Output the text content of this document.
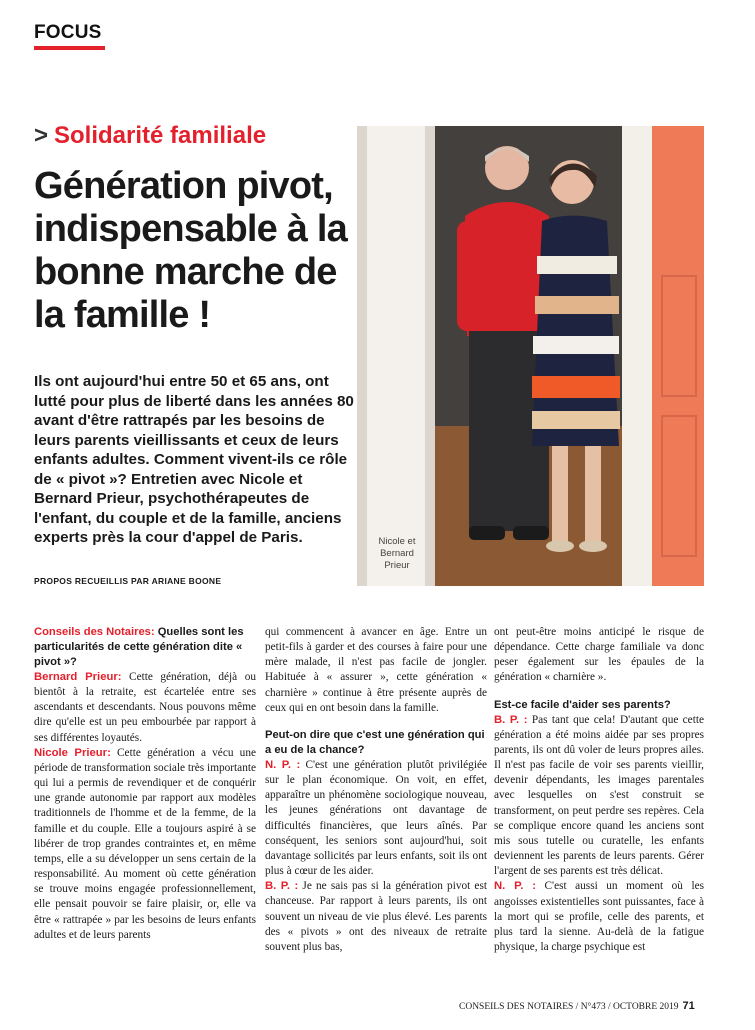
FOCUS
> Solidarité familiale
Génération pivot, indispensable à la bonne marche de la famille !

Ils ont aujourd'hui entre 50 et 65 ans, ont lutté pour plus de liberté dans les années 80 avant d'être rattrapés par les besoins de leurs parents vieillissants et ceux de leurs enfants adultes. Comment vivent-ils ce rôle de « pivot »? Entretien avec Nicole et Bernard Prieur, psychothérapeutes de l'enfant, du couple et de la famille, anciens experts près la cour d'appel de Paris.

PROPOS RECUEILLIS PAR ARIANE BOONE
Nicole et Bernard Prieur

Conseils des Notaires: Quelles sont les particularités de cette génération dite « pivot »?

Bernard Prieur: Cette génération, déjà ou bientôt à la retraite, est écartelée entre ses ascendants et descendants. Nous pouvons même dire qu'elle est un peu embourbée par rapport à ses différentes loyautés.

Nicole Prieur: Cette génération a vécu une période de transformation sociale très importante qui lui a permis de revendiquer et de conquérir une grande autonomie par rapport aux modèles traditionnels de l'homme et de la femme, de la famille et du couple. Elle a toujours aspiré à se libérer de trop grandes contraintes et, en même temps, elle a su développer un sens certain de la responsabilité. Au moment où cette génération se trouve moins engagée professionnellement, elle pensait pouvoir se faire plaisir, or, elle va être « rattrapée » par les besoins de leurs enfants adultes et de leurs parents

qui commencent à avancer en âge. Entre un petit-fils à garder et des courses à faire pour une mère malade, il n'est pas facile de jongler. Habituée à « assurer », cette génération « charnière » continue à être présente auprès de ceux qui en ont besoin dans la famille.

Peut-on dire que c'est une génération qui a eu de la chance?

N. P. : C'est une génération plutôt privilégiée sur le plan économique. On voit, en effet, apparaître un phénomène sociologique nouveau, les jeunes générations ont davantage de difficultés financières, que leurs aînés. Par conséquent, les seniors sont aujourd'hui, soit davantage sollicités par leurs enfants, soit ils ont plus à cœur de les aider.

B. P. : Je ne sais pas si la génération pivot est chanceuse. Par rapport à leurs parents, ils ont souvent un niveau de vie plus élevé. Les parents des « pivots » ont des niveaux de retraite souvent plus bas,

ont peut-être moins anticipé le risque de dépendance. Cette charge familiale va donc peser également sur les épaules de la génération « charnière ».

Est-ce facile d'aider ses parents?

B. P. : Pas tant que cela! D'autant que cette génération a été moins aidée par ses propres parents, ils ont dû voler de leurs propres ailes. Il n'est pas facile de voir ses parents vieillir, devenir dépendants, les images parentales avec lesquelles on s'est construit se transforment, on peut perdre ses repères. Cela se complique encore quand les anciens sont mis sous tutelle ou curatelle, les enfants deviennent les parents de leurs parents. Gérer l'argent de ses parents est très délicat.

N. P. : C'est aussi un moment où les angoisses existentielles sont puissantes, face à la mort qui se profile, celle des parents, et plus tard la sienne. Au-delà de la fatigue physique, la charge psychique est

CONSEILS DES NOTAIRES / N°473 / OCTOBRE 2019 71
